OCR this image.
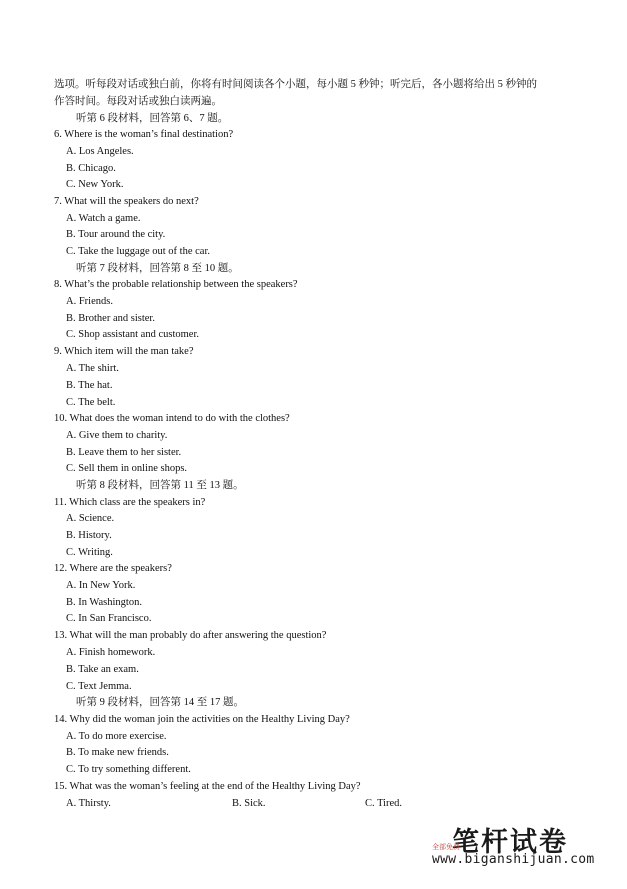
选项。听每段对话或独白前，你将有时间阅读各个小题，每小题 5 秒钟；听完后，各小题将给出 5 秒钟的
作答时间。每段对话或独白读两遍。
听第 6 段材料，回答第 6、7 题。
6. Where is the woman’s final destination?
A. Los Angeles.
B. Chicago.
C. New York.
7. What will the speakers do next?
A. Watch a game.
B. Tour around the city.
C. Take the luggage out of the car.
听第 7 段材料，回答第 8 至 10 题。
8. What’s the probable relationship between the speakers?
A. Friends.
B. Brother and sister.
C. Shop assistant and customer.
9. Which item will the man take?
A. The shirt.
B. The hat.
C. The belt.
10. What does the woman intend to do with the clothes?
A. Give them to charity.
B. Leave them to her sister.
C. Sell them in online shops.
听第 8 段材料，回答第 11 至 13 题。
11. Which class are the speakers in?
A. Science.
B. History.
C. Writing.
12. Where are the speakers?
A. In New York.
B. In Washington.
C. In San Francisco.
13. What will the man probably do after answering the question?
A. Finish homework.
B. Take an exam.
C. Text Jemma.
听第 9 段材料，回答第 14 至 17 题。
14. Why did the woman join the activities on the Healthy Living Day?
A. To do more exercise.
B. To make new friends.
C. To try something different.
15. What was the woman’s feeling at the end of the Healthy Living Day?
A. Thirsty.	B. Sick.	C. Tired.
笔杆试卷
全部免费
www.biganshijuan.com
